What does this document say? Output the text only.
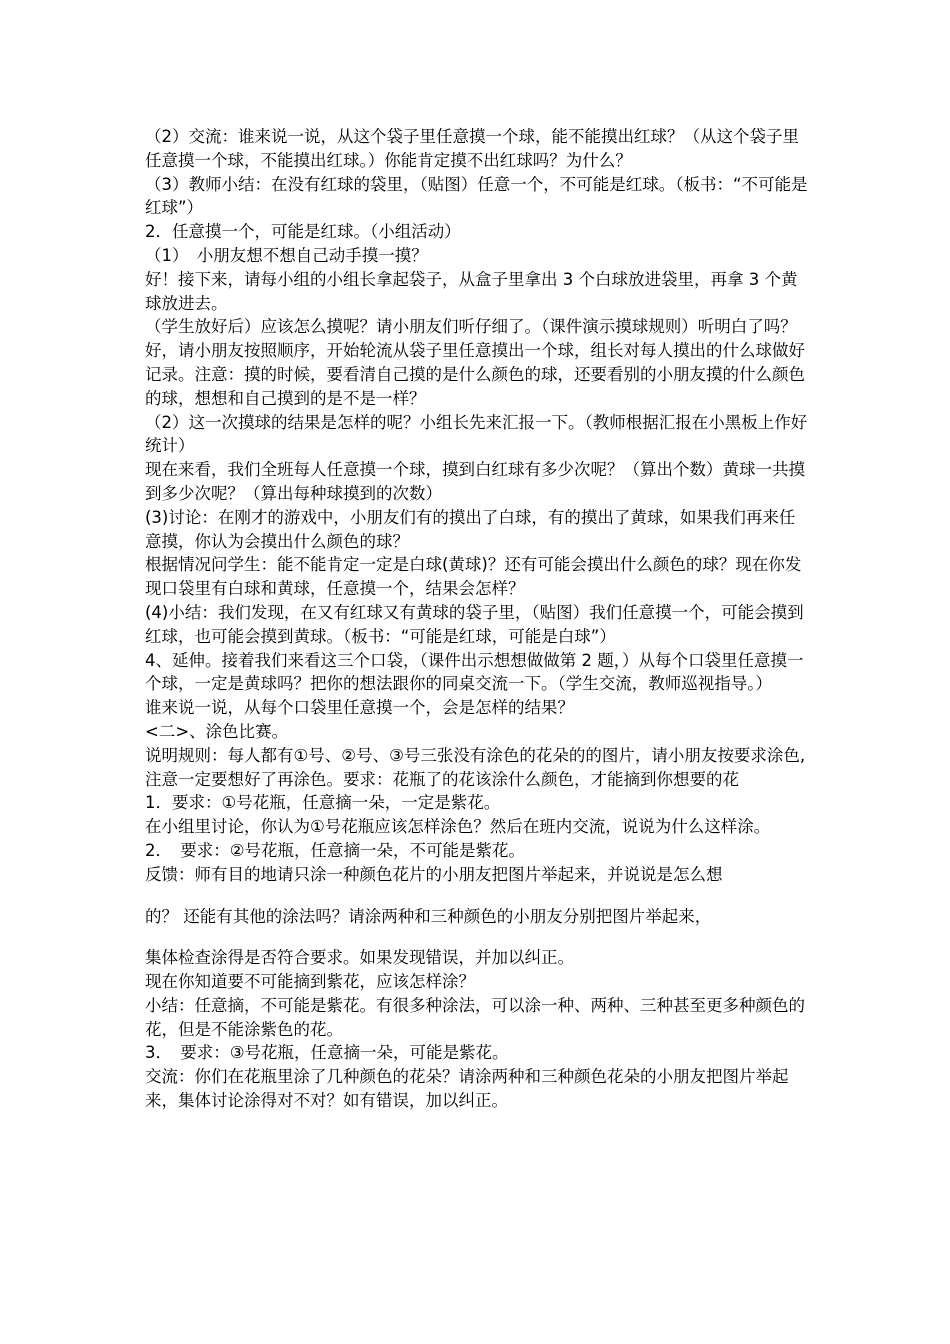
（2）交流：谁来说一说，从这个袋子里任意摸一个球，能不能摸出红球？（从这个袋子里任意摸一个球，不能摸出红球。）你能肯定摸不出红球吗？为什么？

（3）教师小结：在没有红球的袋里，（贴图）任意一个，不可能是红球。（板书：“不可能是红球”）

2．任意摸一个，可能是红球。（小组活动）

（1）　小朋友想不想自己动手摸一摸？

好！接下来，请每小组的小组长拿起袋子，从盒子里拿出 3 个白球放进袋里，再拿 3 个黄球放进去。

（学生放好后）应该怎么摸呢？请小朋友们听仔细了。（课件演示摸球规则）听明白了吗？好，请小朋友按照顺序，开始轮流从袋子里任意摸出一个球，组长对每人摸出的什么球做好记录。注意：摸的时候，要看清自己摸的是什么颜色的球，还要看别的小朋友摸的什么颜色的球，想想和自己摸到的是不是一样？

（2）这一次摸球的结果是怎样的呢？小组长先来汇报一下。（教师根据汇报在小黑板上作好统计）

现在来看，我们全班每人任意摸一个球，摸到白红球有多少次呢？（算出个数）黄球一共摸到多少次呢？（算出每种球摸到的次数）

(3)讨论：在刚才的游戏中，小朋友们有的摸出了白球，有的摸出了黄球，如果我们再来任意摸，你认为会摸出什么颜色的球？

根据情况问学生：能不能肯定一定是白球(黄球)？还有可能会摸出什么颜色的球？现在你发现口袋里有白球和黄球，任意摸一个，结果会怎样？

(4)小结：我们发现，在又有红球又有黄球的袋子里，（贴图）我们任意摸一个，可能会摸到红球，也可能会摸到黄球。（板书：“可能是红球，可能是白球”）

4、延伸。接着我们来看这三个口袋，（课件出示想想做做第 2 题，）从每个口袋里任意摸一个球，一定是黄球吗？把你的想法跟你的同桌交流一下。（学生交流，教师巡视指导。）

谁来说一说，从每个口袋里任意摸一个，会是怎样的结果？

<二>、涂色比赛。

说明规则：每人都有①号、②号、③号三张没有涂色的花朵的的图片，请小朋友按要求涂色,注意一定要想好了再涂色。要求：花瓶了的花该涂什么颜色，才能摘到你想要的花

1．要求：①号花瓶，任意摘一朵，一定是紫花。

在小组里讨论，你认为①号花瓶应该怎样涂色？然后在班内交流，说说为什么这样涂。

2．　要求：②号花瓶，任意摘一朵，不可能是紫花。

反馈：师有目的地请只涂一种颜色花片的小朋友把图片举起来，并说说是怎么想

的？ 还能有其他的涂法吗？请涂两种和三种颜色的小朋友分别把图片举起来，

集体检查涂得是否符合要求。如果发现错误，并加以纠正。

现在你知道要不可能摘到紫花，应该怎样涂？

小结：任意摘，不可能是紫花。有很多种涂法，可以涂一种、两种、三种甚至更多种颜色的花，但是不能涂紫色的花。

3．　要求：③号花瓶，任意摘一朵，可能是紫花。

交流：你们在花瓶里涂了几种颜色的花朵？请涂两种和三种颜色花朵的小朋友把图片举起来，集体讨论涂得对不对？如有错误，加以纠正。
